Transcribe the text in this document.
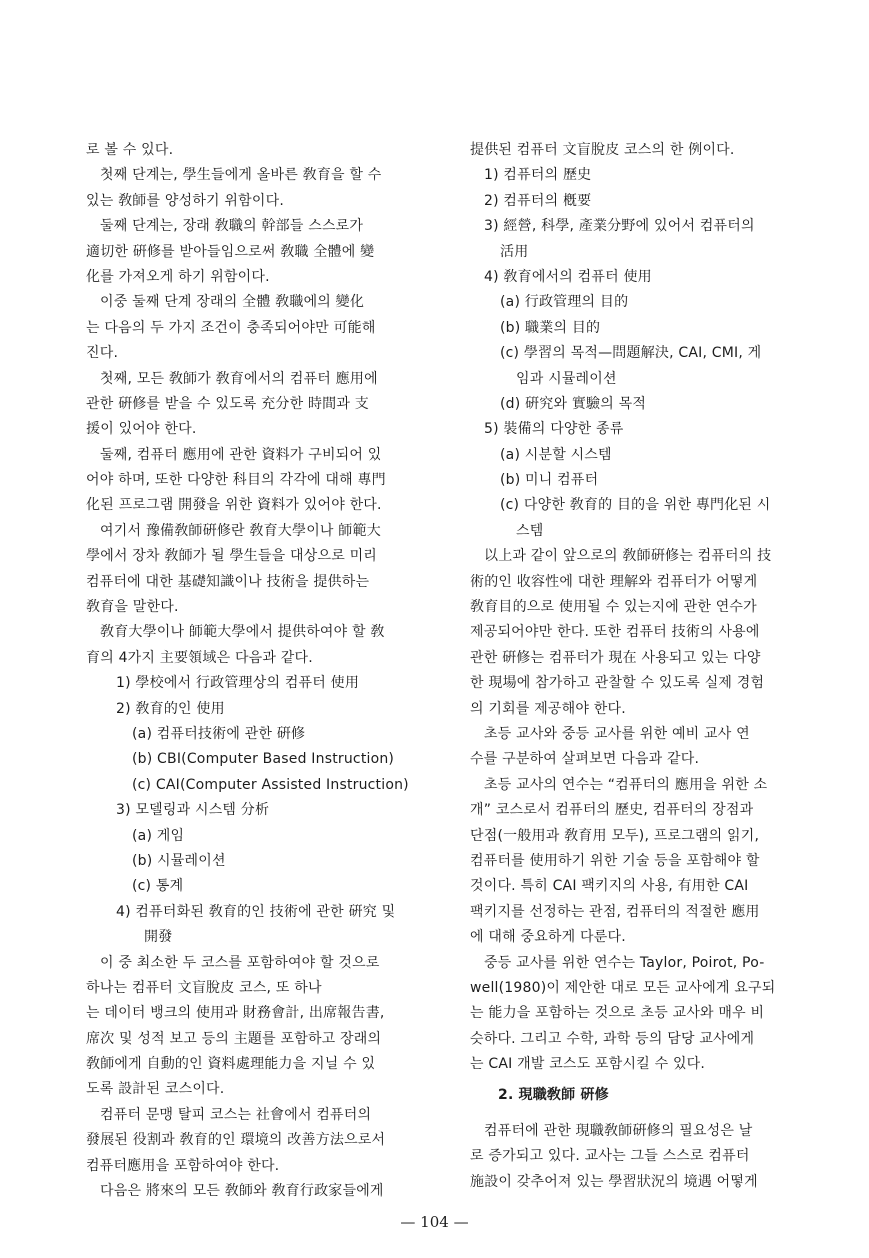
로 볼 수 있다.
첫째 단계는, 學生들에게 올바른 敎育을 할 수
있는 敎師를 양성하기 위함이다.
둘째 단계는, 장래 敎職의 幹部들 스스로가
適切한 硏修를 받아들임으로써 敎職 全體에 變
化를 가져오게 하기 위함이다.
이중 둘째 단계 장래의 全體 敎職에의 變化
는 다음의 두 가지 조건이 충족되어야만 可能해
진다.
첫째, 모든 敎師가 敎育에서의 컴퓨터 應用에
관한 硏修를 받을 수 있도록 充分한 時間과 支
援이 있어야 한다.
둘째, 컴퓨터 應用에 관한 資料가 구비되어 있
어야 하며, 또한 다양한 科目의 각각에 대해 專門
化된 프로그램 開發을 위한 資料가 있어야 한다.
여기서 豫備敎師硏修란 敎育大學이나 師範大
學에서 장차 敎師가 될 學生들을 대상으로 미리
컴퓨터에 대한 基礎知識이나 技術을 提供하는
敎育을 말한다.
敎育大學이나 師範大學에서 提供하여야 할 敎
育의 4가지 主要領域은 다음과 같다.
1) 學校에서 行政管理상의 컴퓨터 使用
2) 敎育的인 使用
(a) 컴퓨터技術에 관한 硏修
(b) CBI(Computer Based Instruction)
(c) CAI(Computer Assisted Instruction)
3) 모델링과 시스템 分析
(a) 게임
(b) 시뮬레이션
(c) 통계
4) 컴퓨터화된 敎育的인 技術에 관한 硏究 및
開發
이 중 최소한 두 코스를 포함하여야 할 것으로
하나는 컴퓨터 文盲脫皮 코스, 또 하나
는 데이터 뱅크의 使用과 財務會計, 出席報告書,
席次 및 성적 보고 등의 主題를 포함하고 장래의
敎師에게 自動的인 資料處理能力을 지닐 수 있
도록 設計된 코스이다.
컴퓨터 문맹 탈피 코스는 社會에서 컴퓨터의
發展된 役割과 敎育的인 環境의 改善方法으로서
컴퓨터應用을 포함하여야 한다.
다음은 將來의 모든 敎師와 敎育行政家들에게
提供된 컴퓨터 文盲脫皮 코스의 한 例이다.
1) 컴퓨터의 歷史
2) 컴퓨터의 槪要
3) 經營, 科學, 產業分野에 있어서 컴퓨터의
活用
4) 敎育에서의 컴퓨터 使用
(a) 行政管理의 目的
(b) 職業의 目的
(c) 學習의 목적—問題解決, CAI, CMI, 게
임과 시뮬레이션
(d) 硏究와 實驗의 목적
5) 裝備의 다양한 종류
(a) 시분할 시스템
(b) 미니 컴퓨터
(c) 다양한 敎育的 目的을 위한 專門化된 시
스템
以上과 같이 앞으로의 敎師硏修는 컴퓨터의 技
術的인 收容性에 대한 理解와 컴퓨터가 어떻게
敎育目的으로 使用될 수 있는지에 관한 연수가
제공되어야만 한다. 또한 컴퓨터 技術의 사용에
관한 硏修는 컴퓨터가 現在 사용되고 있는 다양
한 現場에 참가하고 관찰할 수 있도록 실제 경험
의 기회를 제공해야 한다.
초등 교사와 중등 교사를 위한 예비 교사 연
수를 구분하여 살펴보면 다음과 같다.
초등 교사의 연수는 “컴퓨터의 應用을 위한 소
개” 코스로서 컴퓨터의 歷史, 컴퓨터의 장점과
단점(一般用과 敎育用 모두), 프로그램의 읽기,
컴퓨터를 使用하기 위한 기술 등을 포함해야 할
것이다. 특히 CAI 팩키지의 사용, 有用한 CAI
팩키지를 선정하는 관점, 컴퓨터의 적절한 應用
에 대해 중요하게 다룬다.
중등 교사를 위한 연수는 Taylor, Poirot, Po-
well(1980)이 제안한 대로 모든 교사에게 요구되
는 能力을 포함하는 것으로 초등 교사와 매우 비
슷하다. 그리고 수학, 과학 등의 담당 교사에게
는 CAI 개발 코스도 포함시킬 수 있다.
2. 現職敎師 硏修
컴퓨터에 관한 現職敎師硏修의 필요성은 날
로 증가되고 있다. 교사는 그들 스스로 컴퓨터
施設이 갖추어져 있는 學習狀況의 境遇 어떻게
— 104 —
